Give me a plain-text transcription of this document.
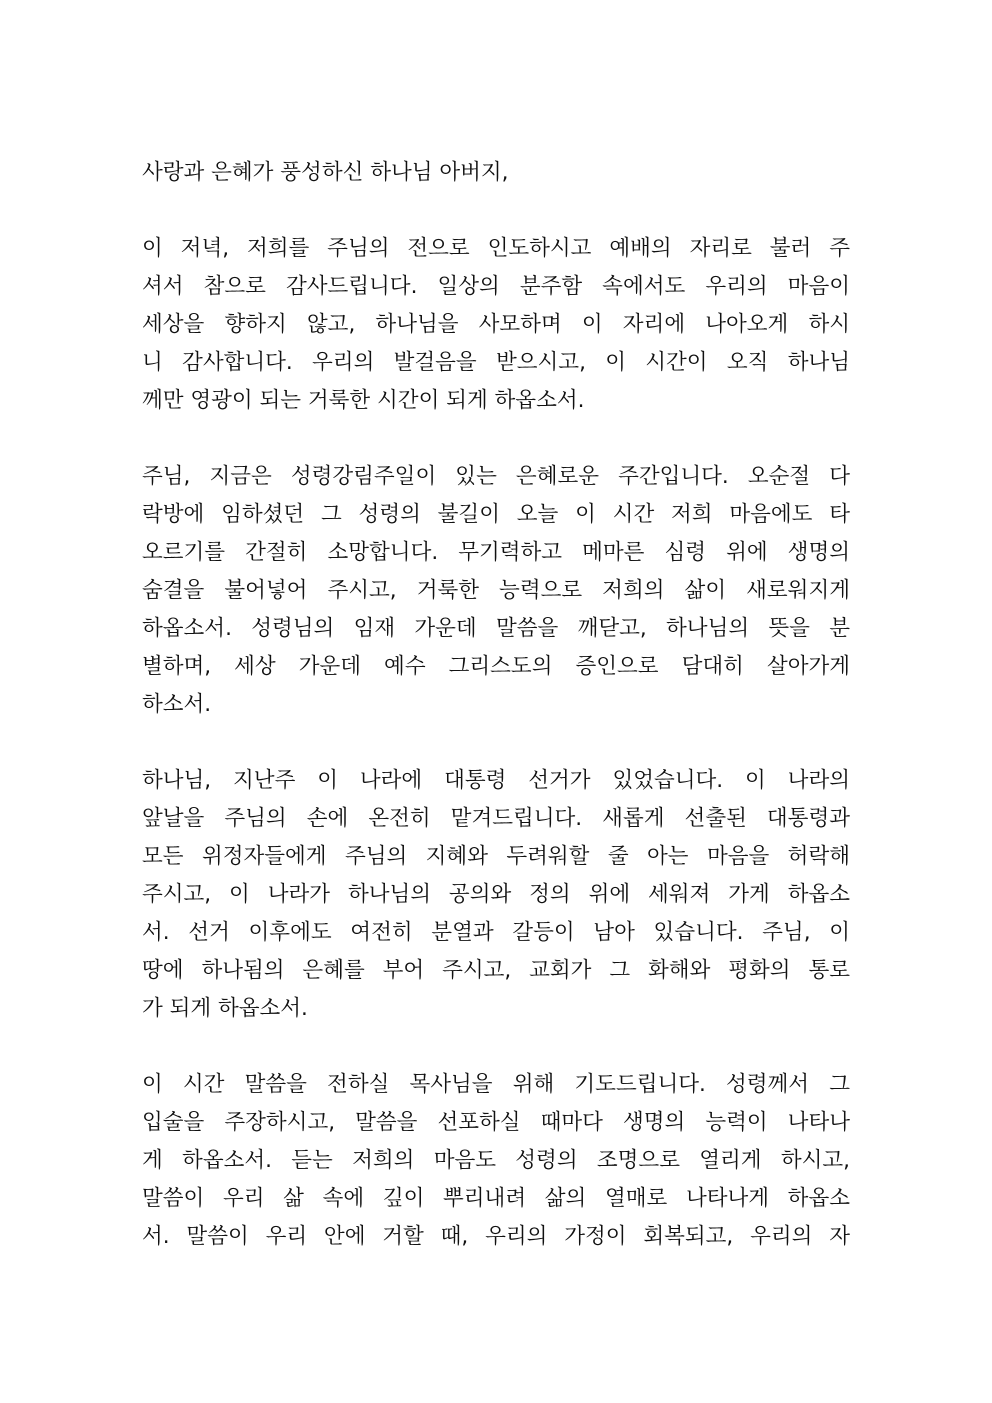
사랑과 은혜가 풍성하신 하나님 아버지,
이 저녁, 저희를 주님의 전으로 인도하시고 예배의 자리로 불러 주
셔서 참으로 감사드립니다. 일상의 분주함 속에서도 우리의 마음이
세상을 향하지 않고, 하나님을 사모하며 이 자리에 나아오게 하시
니 감사합니다. 우리의 발걸음을 받으시고, 이 시간이 오직 하나님
께만 영광이 되는 거룩한 시간이 되게 하옵소서.
주님, 지금은 성령강림주일이 있는 은혜로운 주간입니다. 오순절 다
락방에 임하셨던 그 성령의 불길이 오늘 이 시간 저희 마음에도 타
오르기를 간절히 소망합니다. 무기력하고 메마른 심령 위에 생명의
숨결을 불어넣어 주시고, 거룩한 능력으로 저희의 삶이 새로워지게
하옵소서. 성령님의 임재 가운데 말씀을 깨닫고, 하나님의 뜻을 분
별하며, 세상 가운데 예수 그리스도의 증인으로 담대히 살아가게
하소서.
하나님, 지난주 이 나라에 대통령 선거가 있었습니다. 이 나라의
앞날을 주님의 손에 온전히 맡겨드립니다. 새롭게 선출된 대통령과
모든 위정자들에게 주님의 지혜와 두려워할 줄 아는 마음을 허락해
주시고, 이 나라가 하나님의 공의와 정의 위에 세워져 가게 하옵소
서. 선거 이후에도 여전히 분열과 갈등이 남아 있습니다. 주님, 이
땅에 하나됨의 은혜를 부어 주시고, 교회가 그 화해와 평화의 통로
가 되게 하옵소서.
이 시간 말씀을 전하실 목사님을 위해 기도드립니다. 성령께서 그
입술을 주장하시고, 말씀을 선포하실 때마다 생명의 능력이 나타나
게 하옵소서. 듣는 저희의 마음도 성령의 조명으로 열리게 하시고,
말씀이 우리 삶 속에 깊이 뿌리내려 삶의 열매로 나타나게 하옵소
서. 말씀이 우리 안에 거할 때, 우리의 가정이 회복되고, 우리의 자
